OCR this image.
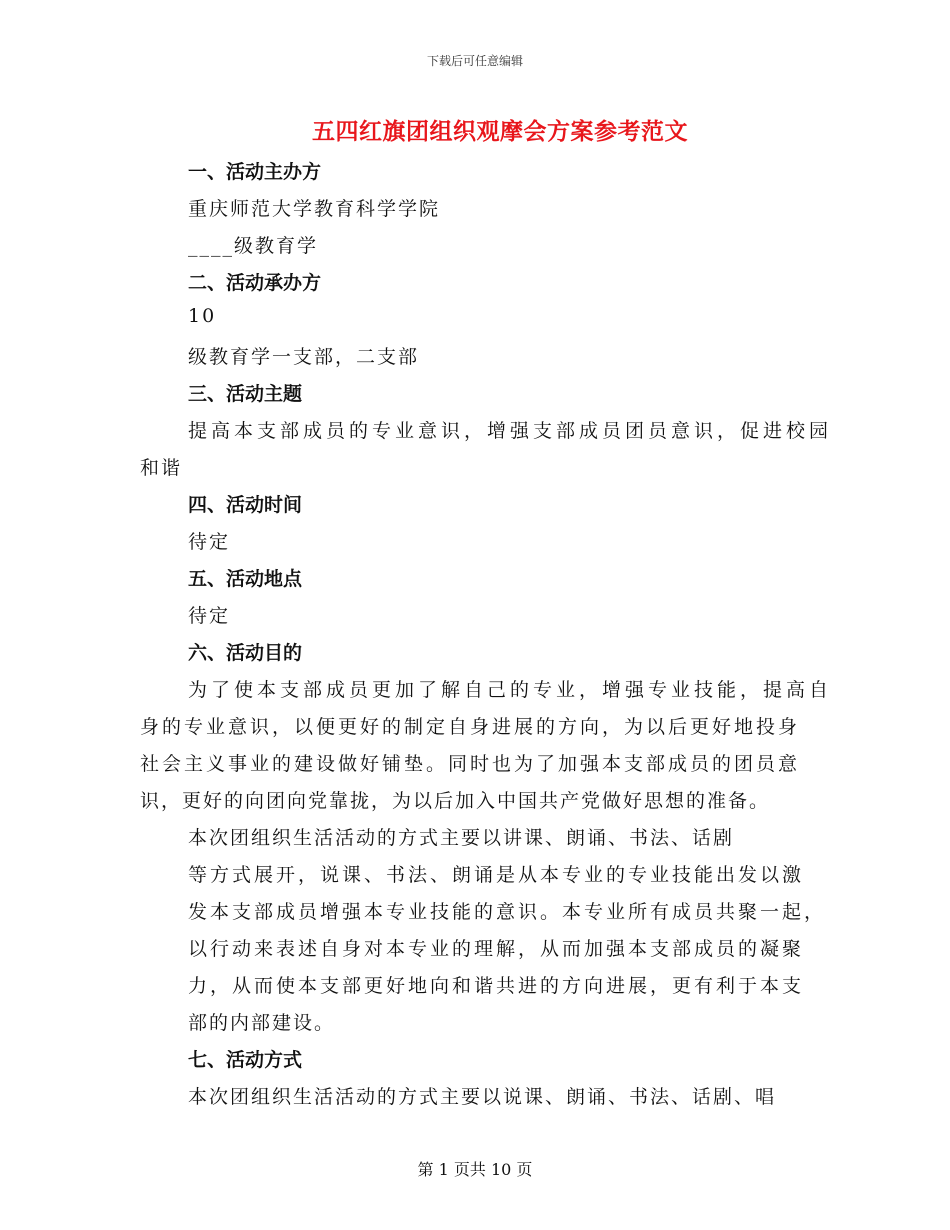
下载后可任意编辑
五四红旗团组织观摩会方案参考范文
一、活动主办方
重庆师范大学教育科学学院
____级教育学
二、活动承办方
10
级教育学一支部，二支部
三、活动主题
提高本支部成员的专业意识，增强支部成员团员意识，促进校园
和谐
四、活动时间
待定
五、活动地点
待定
六、活动目的
为了使本支部成员更加了解自己的专业，增强专业技能，提高自
身的专业意识，以便更好的制定自身进展的方向，为以后更好地投身
社会主义事业的建设做好铺垫。同时也为了加强本支部成员的团员意
识，更好的向团向党靠拢，为以后加入中国共产党做好思想的准备。
本次团组织生活活动的方式主要以讲课、朗诵、书法、话剧
等方式展开，说课、书法、朗诵是从本专业的专业技能出发以激
发本支部成员增强本专业技能的意识。本专业所有成员共聚一起，
以行动来表述自身对本专业的理解，从而加强本支部成员的凝聚
力，从而使本支部更好地向和谐共进的方向进展，更有利于本支
部的内部建设。
七、活动方式
本次团组织生活活动的方式主要以说课、朗诵、书法、话剧、唱
第 1 页共 10 页
